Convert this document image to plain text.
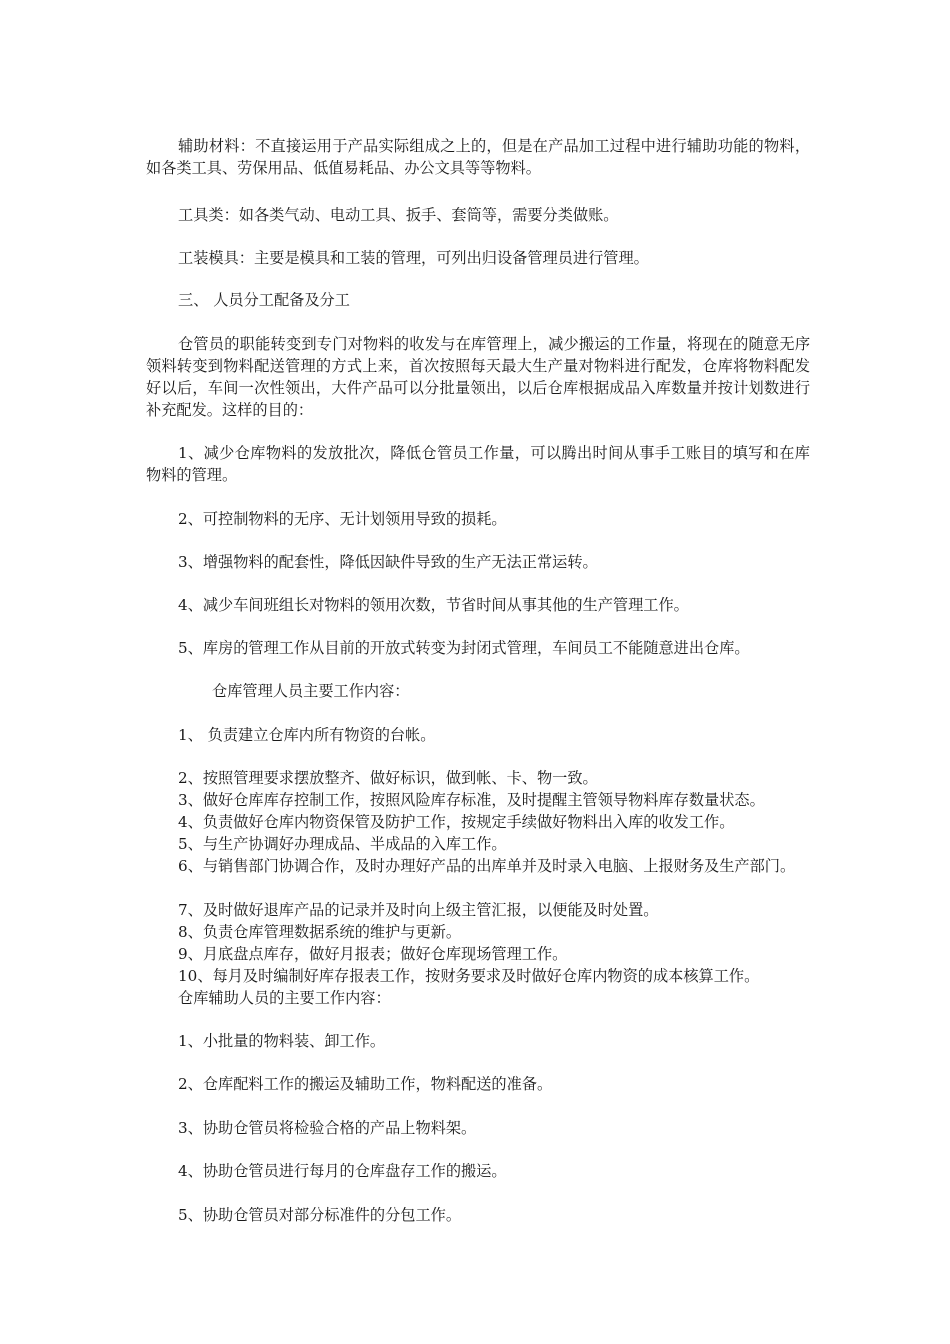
辅助材料：不直接运用于产品实际组成之上的，但是在产品加工过程中进行辅助功能的物料，如各类工具、劳保用品、低值易耗品、办公文具等等物料。

工具类：如各类气动、电动工具、扳手、套筒等，需要分类做账。

工装模具：主要是模具和工装的管理，可列出归设备管理员进行管理。

三、 人员分工配备及分工

仓管员的职能转变到专门对物料的收发与在库管理上，减少搬运的工作量，将现在的随意无序领料转变到物料配送管理的方式上来，首次按照每天最大生产量对物料进行配发，仓库将物料配发好以后，车间一次性领出，大件产品可以分批量领出，以后仓库根据成品入库数量并按计划数进行补充配发。这样的目的：

1、减少仓库物料的发放批次，降低仓管员工作量，可以腾出时间从事手工账目的填写和在库物料的管理。

2、可控制物料的无序、无计划领用导致的损耗。

3、增强物料的配套性，降低因缺件导致的生产无法正常运转。

4、减少车间班组长对物料的领用次数，节省时间从事其他的生产管理工作。

5、库房的管理工作从目前的开放式转变为封闭式管理，车间员工不能随意进出仓库。

仓库管理人员主要工作内容：

1、 负责建立仓库内所有物资的台帐。

2、按照管理要求摆放整齐、做好标识，做到帐、卡、物一致。

3、做好仓库库存控制工作，按照风险库存标准，及时提醒主管领导物料库存数量状态。

4、负责做好仓库内物资保管及防护工作，按规定手续做好物料出入库的收发工作。

5、与生产协调好办理成品、半成品的入库工作。

6、与销售部门协调合作，及时办理好产品的出库单并及时录入电脑、上报财务及生产部门。

7、及时做好退库产品的记录并及时向上级主管汇报，以便能及时处置。

8、负责仓库管理数据系统的维护与更新。

9、月底盘点库存，做好月报表；做好仓库现场管理工作。

10、每月及时编制好库存报表工作，按财务要求及时做好仓库内物资的成本核算工作。

仓库辅助人员的主要工作内容：

1、小批量的物料装、卸工作。

2、仓库配料工作的搬运及辅助工作，物料配送的准备。

3、协助仓管员将检验合格的产品上物料架。

4、协助仓管员进行每月的仓库盘存工作的搬运。

5、协助仓管员对部分标准件的分包工作。
